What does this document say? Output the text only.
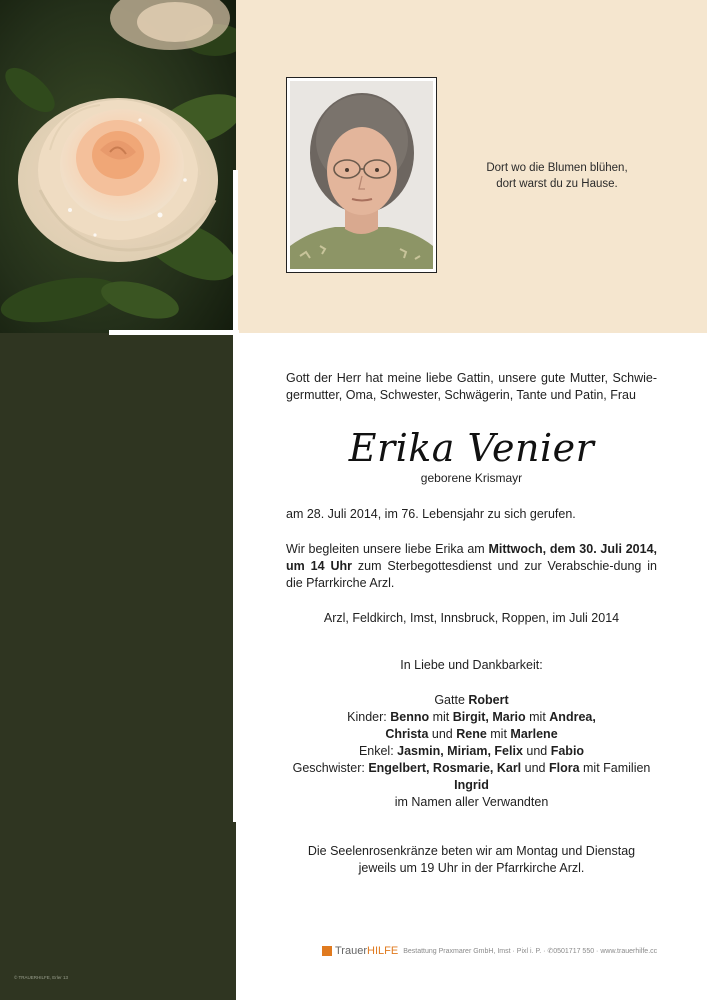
Dort wo die Blumen blühen,
dort warst du zu Hause.
Gott der Herr hat meine liebe Gattin, unsere gute Mutter, Schwie-germutter, Oma, Schwester, Schwägerin, Tante und Patin, Frau
Erika Venier
geborene Krismayr
am 28. Juli 2014, im 76. Lebensjahr zu sich gerufen.
Wir begleiten unsere liebe Erika am Mittwoch, dem 30. Juli 2014, um 14 Uhr zum Sterbegottesdienst und zur Verabschie-dung in die Pfarrkirche Arzl.
Arzl, Feldkirch, Imst, Innsbruck, Roppen, im Juli 2014
In Liebe und Dankbarkeit:
Gatte Robert
Kinder: Benno mit Birgit, Mario mit Andrea,
Christa und Rene mit Marlene
Enkel: Jasmin, Miriam, Felix und Fabio
Geschwister: Engelbert, Rosmarie, Karl und Flora mit Familien
Ingrid
im Namen aller Verwandten
Die Seelenrosenkränze beten wir am Montag und Dienstag
jeweils um 19 Uhr in der Pfarrkirche Arzl.
TrauerHILFE Bestattung Praxmarer GmbH, Imst · Pixl i. P. · ✆0501717 550 · www.trauerhilfe.cc
© TRAUERHILFE, Erler 13
